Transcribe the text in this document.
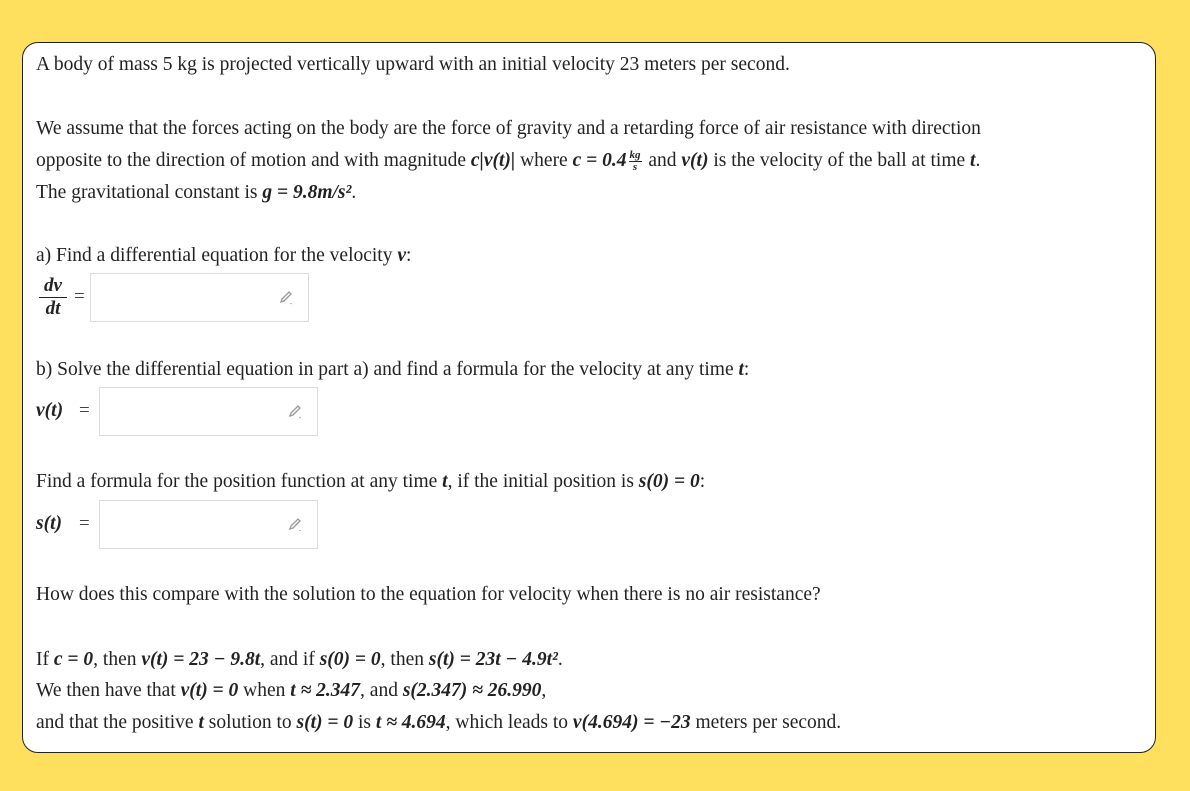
A body of mass 5 kg is projected vertically upward with an initial velocity 23 meters per second.
We assume that the forces acting on the body are the force of gravity and a retarding force of air resistance with direction
opposite to the direction of motion and with magnitude c|v(t)| where $c = 0.4 \frac{kg}{s}$ and v(t) is the velocity of the ball at time t.
The gravitational constant is g = 9.8m/s².
a) Find a differential equation for the velocity v:
$\frac{dv}{dt}$ =
b) Solve the differential equation in part a) and find a formula for the velocity at any time t:
v(t) =
Find a formula for the position function at any time t, if the initial position is s(0) = 0:
s(t) =
How does this compare with the solution to the equation for velocity when there is no air resistance?
If c = 0, then v(t) = 23 − 9.8t, and if s(0) = 0, then s(t) = 23t − 4.9t².
We then have that v(t) = 0 when t ≈ 2.347, and s(2.347) ≈ 26.990,
and that the positive t solution to s(t) = 0 is t ≈ 4.694, which leads to v(4.694) = −23 meters per second.
